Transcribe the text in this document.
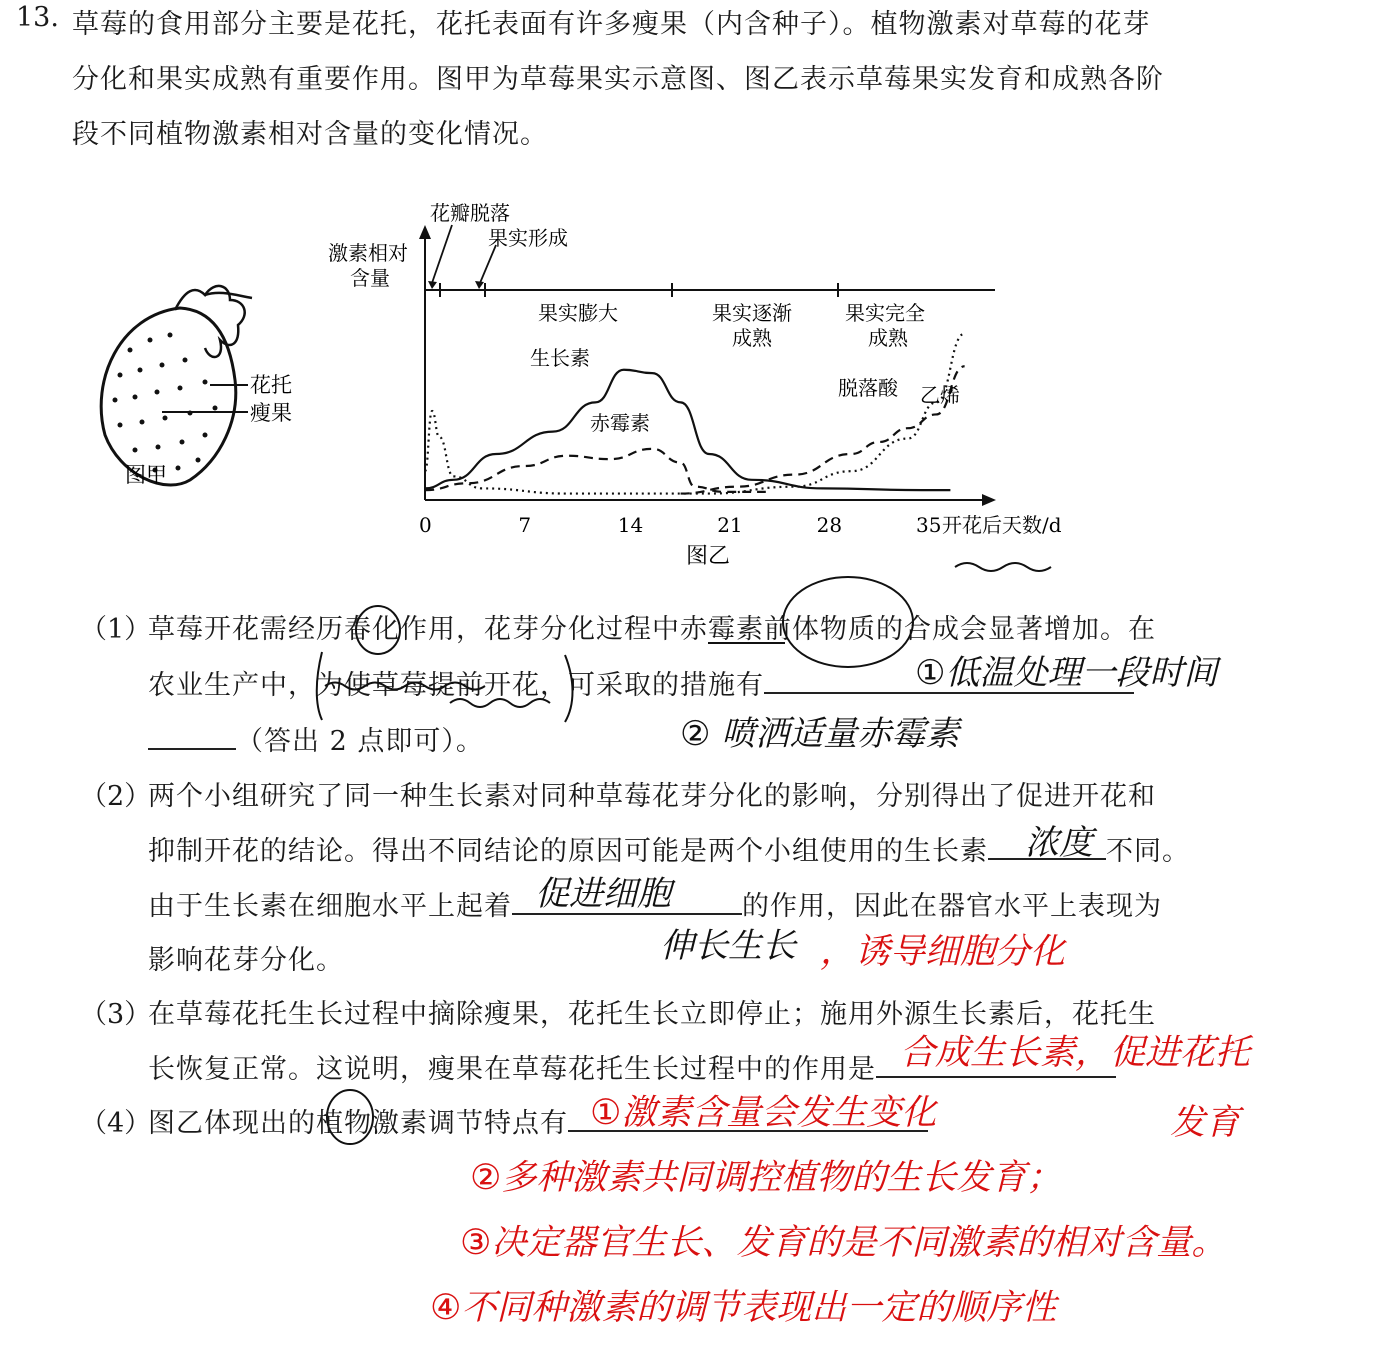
13. 草莓的食用部分主要是花托，花托表面有许多瘦果（内含种子）。植物激素对草莓的花芽
分化和果实成熟有重要作用。图甲为草莓果实示意图、图乙表示草莓果实发育和成熟各阶
段不同植物激素相对含量的变化情况。
花托
瘦果
图甲
花瓣脱落
果实形成
激素相对
含量
果实膨大	果实逐渐
成熟
果实完全
成熟
生长素
赤霉素
脱落酸 乙烯
0	7	14	21	28	35 开花后天数/d
图乙
（1）
草莓开花需经历春化作用，花芽分化过程中赤霉素前体物质的合成会显著增加。在
农业生产中，为使草莓提前开花，可采取的措施有
（答出 2 点即可）。
①低温处理一段时间
② 喷洒适量赤霉素
（2）
两个小组研究了同一种生长素对同种草莓花芽分化的影响，分别得出了促进开花和
抑制开花的结论。得出不同结论的原因可能是两个小组使用的生长素	不同。
由于生长素在细胞水平上起着	的作用，因此在器官水平上表现为
影响花芽分化。
浓度
促进细胞
伸长生长 ，诱导细胞分化
（3）
在草莓花托生长过程中摘除瘦果，花托生长立即停止；施用外源生长素后，花托生
长恢复正常。这说明，瘦果在草莓花托生长过程中的作用是 合成生长素，促进花托
发育
（4）
图乙体现出的植物激素调节特点有 ①激素含量会发生变化
②多种激素共同调控植物的生长发育；
③决定器官生长、发育的是不同激素的相对含量。
④不同种激素的调节表现出一定的顺序性
